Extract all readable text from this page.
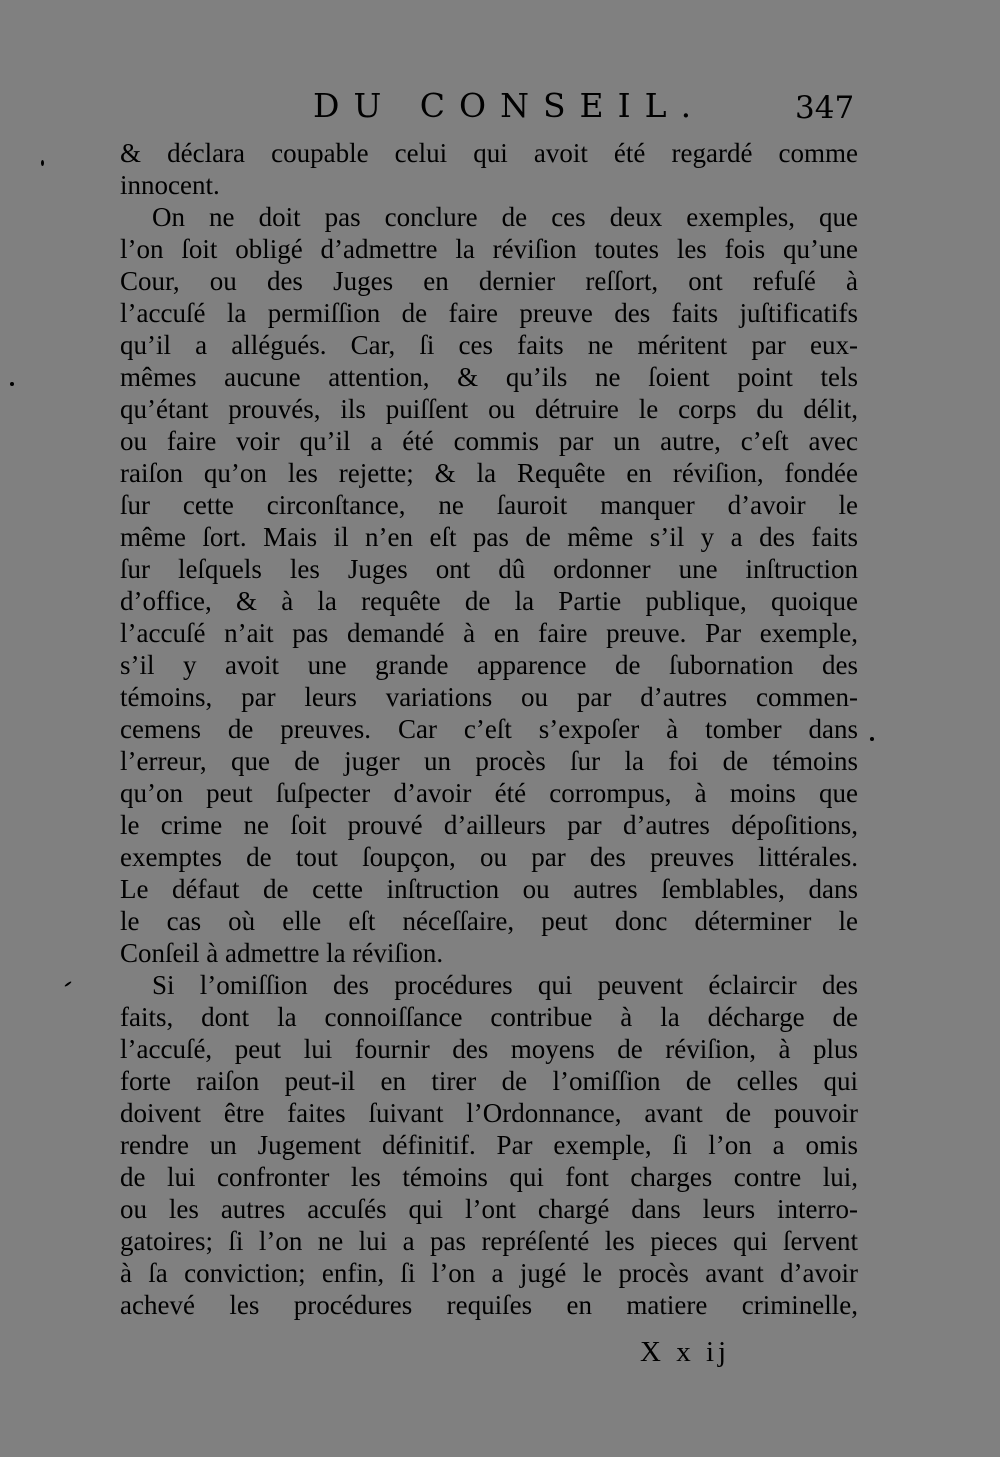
DU CONSEIL.	347
& déclara coupable celui qui avoit été regardé comme
innocent.
On ne doit pas conclure de ces deux exemples, que
l’on ſoit obligé d’admettre la réviſion toutes les fois qu’une
Cour, ou des Juges en dernier reſſort, ont refuſé à
l’accuſé la permiſſion de faire preuve des faits juſtificatifs
qu’il a allégués. Car, ſi ces faits ne méritent par eux-
mêmes aucune attention, & qu’ils ne ſoient point tels
qu’étant prouvés, ils puiſſent ou détruire le corps du délit,
ou faire voir qu’il a été commis par un autre, c’eſt avec
raiſon qu’on les rejette; & la Requête en réviſion, fondée
ſur cette circonſtance, ne ſauroit manquer d’avoir le
même ſort. Mais il n’en eſt pas de même s’il y a des faits
ſur leſquels les Juges ont dû ordonner une inſtruction
d’office, & à la requête de la Partie publique, quoique
l’accuſé n’ait pas demandé à en faire preuve. Par exemple,
s’il y avoit une grande apparence de ſubornation des
témoins, par leurs variations ou par d’autres commen-
cemens de preuves. Car c’eſt s’expoſer à tomber dans
l’erreur, que de juger un procès ſur la foi de témoins
qu’on peut ſuſpecter d’avoir été corrompus, à moins que
le crime ne ſoit prouvé d’ailleurs par d’autres dépoſitions,
exemptes de tout ſoupçon, ou par des preuves littérales.
Le défaut de cette inſtruction ou autres ſemblables, dans
le cas où elle eſt néceſſaire, peut donc déterminer le
Conſeil à admettre la réviſion.
Si l’omiſſion des procédures qui peuvent éclaircir des
faits, dont la connoiſſance contribue à la décharge de
l’accuſé, peut lui fournir des moyens de réviſion, à plus
forte raiſon peut-il en tirer de l’omiſſion de celles qui
doivent être faites ſuivant l’Ordonnance, avant de pouvoir
rendre un Jugement définitif. Par exemple, ſi l’on a omis
de lui confronter les témoins qui font charges contre lui,
ou les autres accuſés qui l’ont chargé dans leurs interro-
gatoires; ſi l’on ne lui a pas repréſenté les pieces qui ſervent
à ſa conviction; enfin, ſi l’on a jugé le procès avant d’avoir
achevé les procédures requiſes en matiere criminelle,
X x ij
